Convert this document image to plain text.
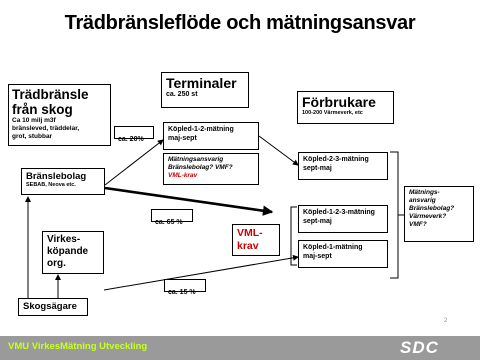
Trädbränsleflöde och mätningsansvar
Trädbränsle
från skog
Ca 10 milj m3f
bränsleved, träddelar,
grot, stubbar
Terminaler
ca. 250 st	Förbrukare
100-200 Värmeverk, etc
Bränslebolag
SEBAB, Neova etc.
Virkes-
köpande
org.
Skogsägare
ca. 20%
ca. 65 %
ca. 15 %
Köpled-1-2-mätning
maj-sept
Mätningsansvarig
Bränslebolag? VMF?
VML-krav
Köpled-2-3-mätning
sept-maj
Köpled-1-2-3-mätning
sept-maj
Köpled-1-mätning
maj-sept
VML-
krav
Mätnings-
ansvarig
Bränslebolag?
Värmeverk?
VMF?
2
VMU VirkesMätning Utveckling	SDC
